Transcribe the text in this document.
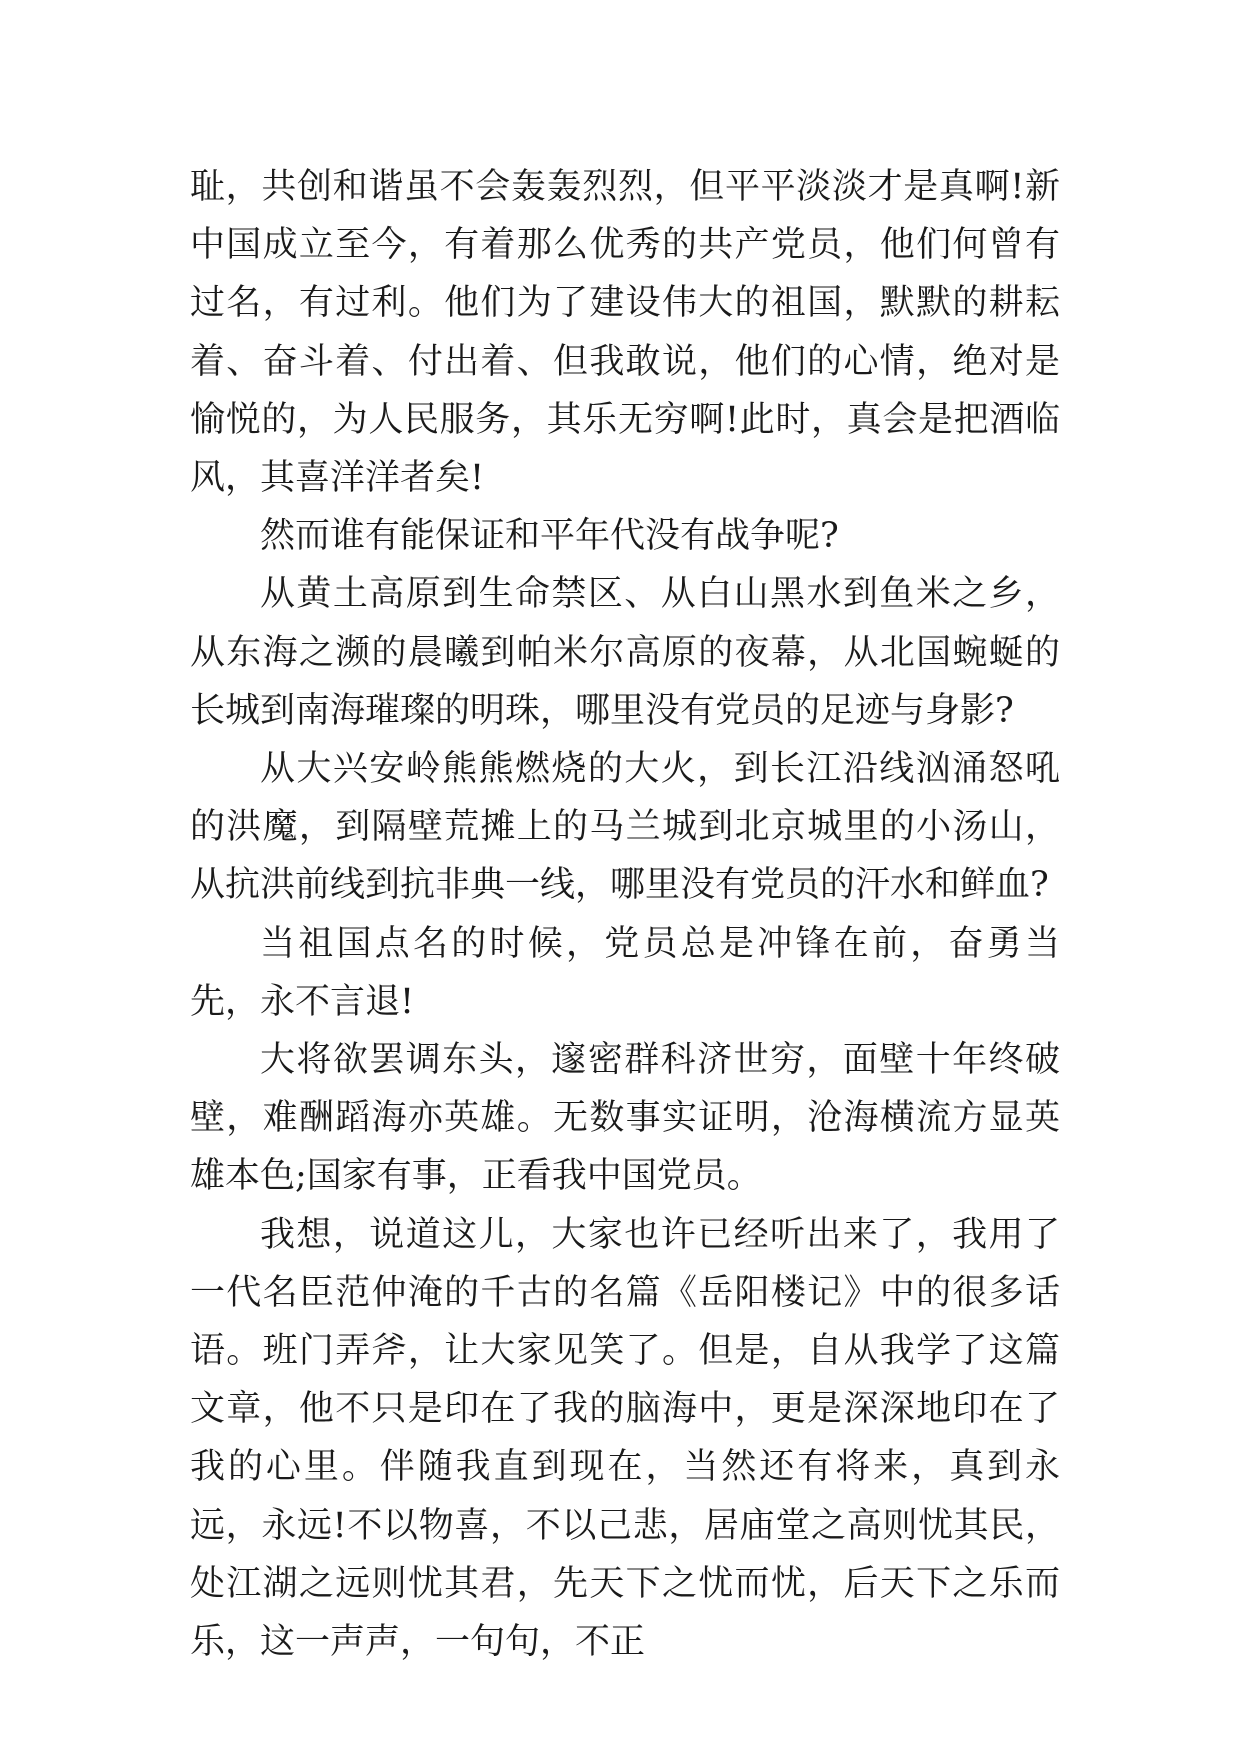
耻，共创和谐虽不会轰轰烈烈，但平平淡淡才是真啊!新中国成立至今，有着那么优秀的共产党员，他们何曾有过名，有过利。他们为了建设伟大的祖国，默默的耕耘着、奋斗着、付出着、但我敢说，他们的心情，绝对是愉悦的，为人民服务，其乐无穷啊!此时，真会是把酒临风，其喜洋洋者矣!

然而谁有能保证和平年代没有战争呢?

从黄土高原到生命禁区、从白山黑水到鱼米之乡，从东海之濒的晨曦到帕米尔高原的夜幕，从北国蜿蜒的长城到南海璀璨的明珠，哪里没有党员的足迹与身影?

从大兴安岭熊熊燃烧的大火，到长江沿线汹涌怒吼的洪魔，到隔壁荒摊上的马兰城到北京城里的小汤山，从抗洪前线到抗非典一线，哪里没有党员的汗水和鲜血?

当祖国点名的时候，党员总是冲锋在前，奋勇当先，永不言退!

大将欲罢调东头，邃密群科济世穷，面壁十年终破壁，难酬蹈海亦英雄。无数事实证明，沧海横流方显英雄本色;国家有事，正看我中国党员。

我想，说道这儿，大家也许已经听出来了，我用了一代名臣范仲淹的千古的名篇《岳阳楼记》中的很多话语。班门弄斧，让大家见笑了。但是，自从我学了这篇文章，他不只是印在了我的脑海中，更是深深地印在了我的心里。伴随我直到现在，当然还有将来，真到永远，永远!不以物喜，不以己悲，居庙堂之高则忧其民，处江湖之远则忧其君，先天下之忧而忧，后天下之乐而乐，这一声声，一句句，不正
